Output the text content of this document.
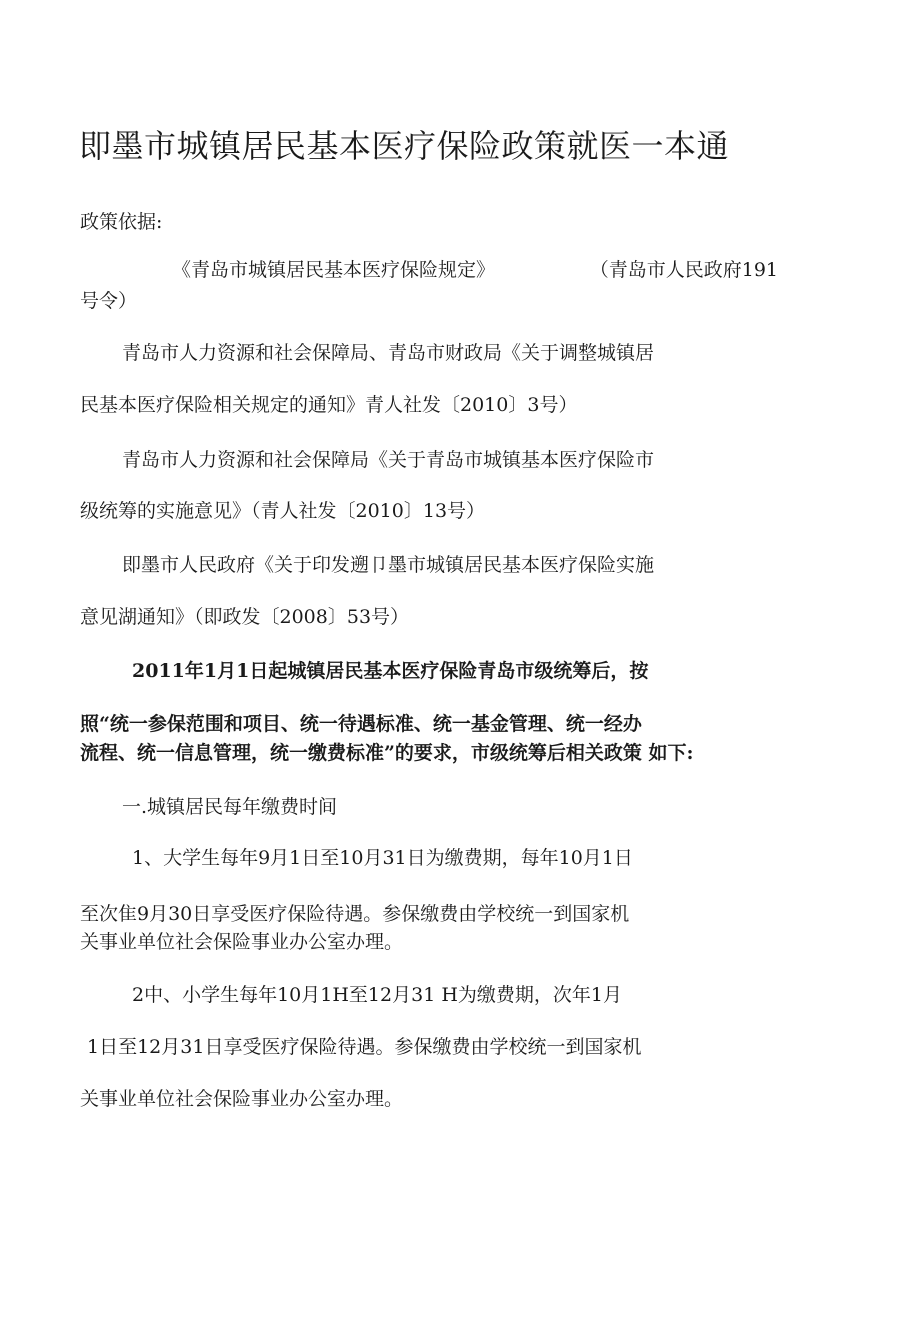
即墨市城镇居民基本医疗保险政策就医一本通
政策依据:
《青岛市城镇居民基本医疗保险规定》	（青岛市人民政府191
号令）
青岛市人力资源和社会保障局、青岛市财政局《关于调整城镇居
民基本医疗保险相关规定的通知》青人社发〔2010〕3号）
青岛市人力资源和社会保障局《关于青岛市城镇基本医疗保险市
级统筹的实施意见》（青人社发〔2010〕13号）
即墨市人民政府《关于印发遡卩墨市城镇居民基本医疗保险实施
意见湖通知》（即政发〔2008〕53号）
2011年1月1日起城镇居民基本医疗保险青岛市级统筹后，按
照“统一参保范围和项目、统一待遇标准、统一基金管理、统一经办
流程、统一信息管理，统一缴费标准”的要求，市级统筹后相关政策 如下:
一.城镇居民每年缴费时间
1、大学生每年9月1日至10月31日为缴费期，每年10月1日
至次隹9月30日享受医疗保险待遇。参保缴费由学校统一到国家机
关事业单位社会保险事业办公室办理。
2中、小学生每年10月1H至12月31 H为缴费期，次年1月
1日至12月31日享受医疗保险待遇。参保缴费由学校统一到国家机
关事业单位社会保险事业办公室办理。
